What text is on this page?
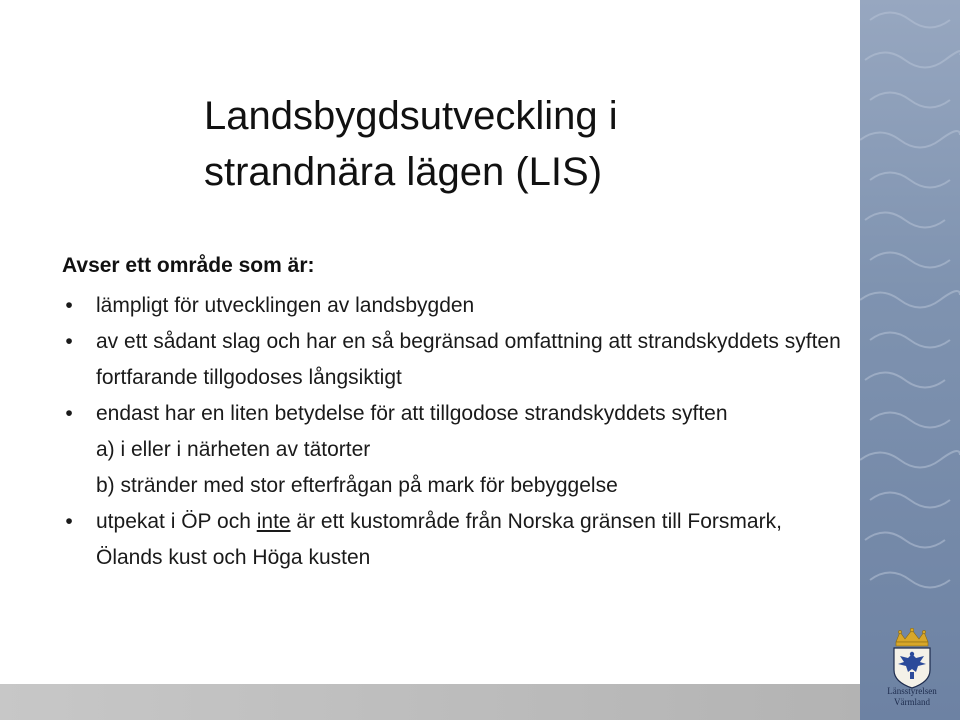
Landsbygdsutveckling i
strandnära lägen (LIS)

Avser ett område som är:

• lämpligt för utvecklingen av landsbygden

• av ett sådant slag och har en så begränsad omfattning att strandskyddets syften fortfarande tillgodoses långsiktigt

• endast har en liten betydelse för att tillgodose strandskyddets syften

a) i eller i närheten av tätorter

b) stränder med stor efterfrågan på mark för bebyggelse

• utpekat i ÖP och inte är ett kustområde från Norska gränsen till Forsmark, Ölands kust och Höga kusten

Länsstyrelsen
Värmland
